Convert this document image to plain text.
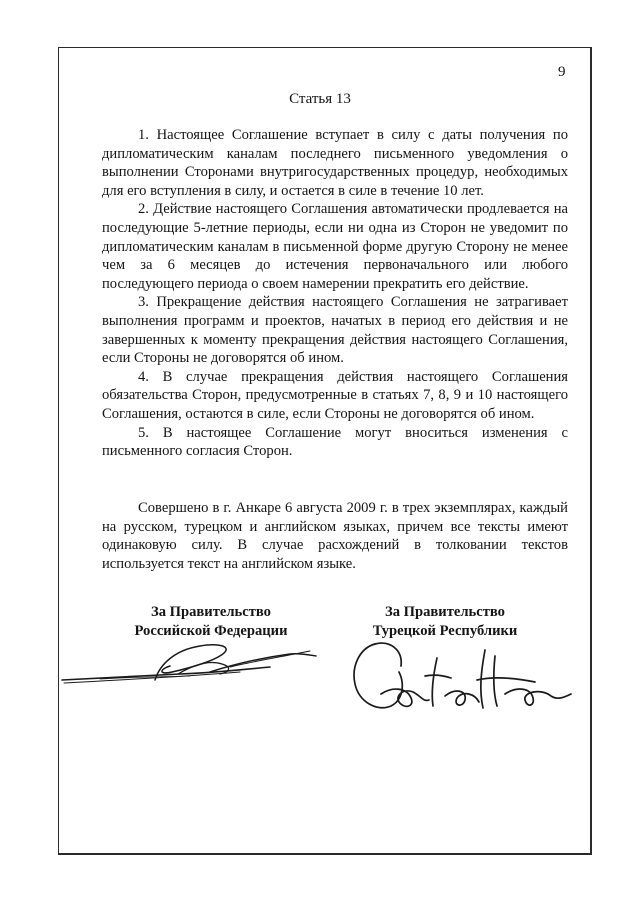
9
Статья 13

1. Настоящее Соглашение вступает в силу с даты получения по дипломатическим каналам последнего письменного уведомления о выполнении Сторонами внутригосударственных процедур, необходимых для его вступления в силу, и остается в силе в течение 10 лет.

2. Действие настоящего Соглашения автоматически продлевается на последующие 5-летние периоды, если ни одна из Сторон не уведомит по дипломатическим каналам в письменной форме другую Сторону не менее чем за 6 месяцев до истечения первоначального или любого последующего периода о своем намерении прекратить его действие.

3. Прекращение действия настоящего Соглашения не затрагивает выполнения программ и проектов, начатых в период его действия и не завершенных к моменту прекращения действия настоящего Соглашения, если Стороны не договорятся об ином.

4. В случае прекращения действия настоящего Соглашения обязательства Сторон, предусмотренные в статьях 7, 8, 9 и 10 настоящего Соглашения, остаются в силе, если Стороны не договорятся об ином.

5. В настоящее Соглашение могут вноситься изменения с письменного согласия Сторон.

Совершено в г. Анкаре 6 августа 2009 г. в трех экземплярах, каждый на русском, турецком и английском языках, причем все тексты имеют одинаковую силу. В случае расхождений в толковании текстов используется текст на английском языке.

За Правительство
Российской Федерации
За Правительство
Турецкой Республики
